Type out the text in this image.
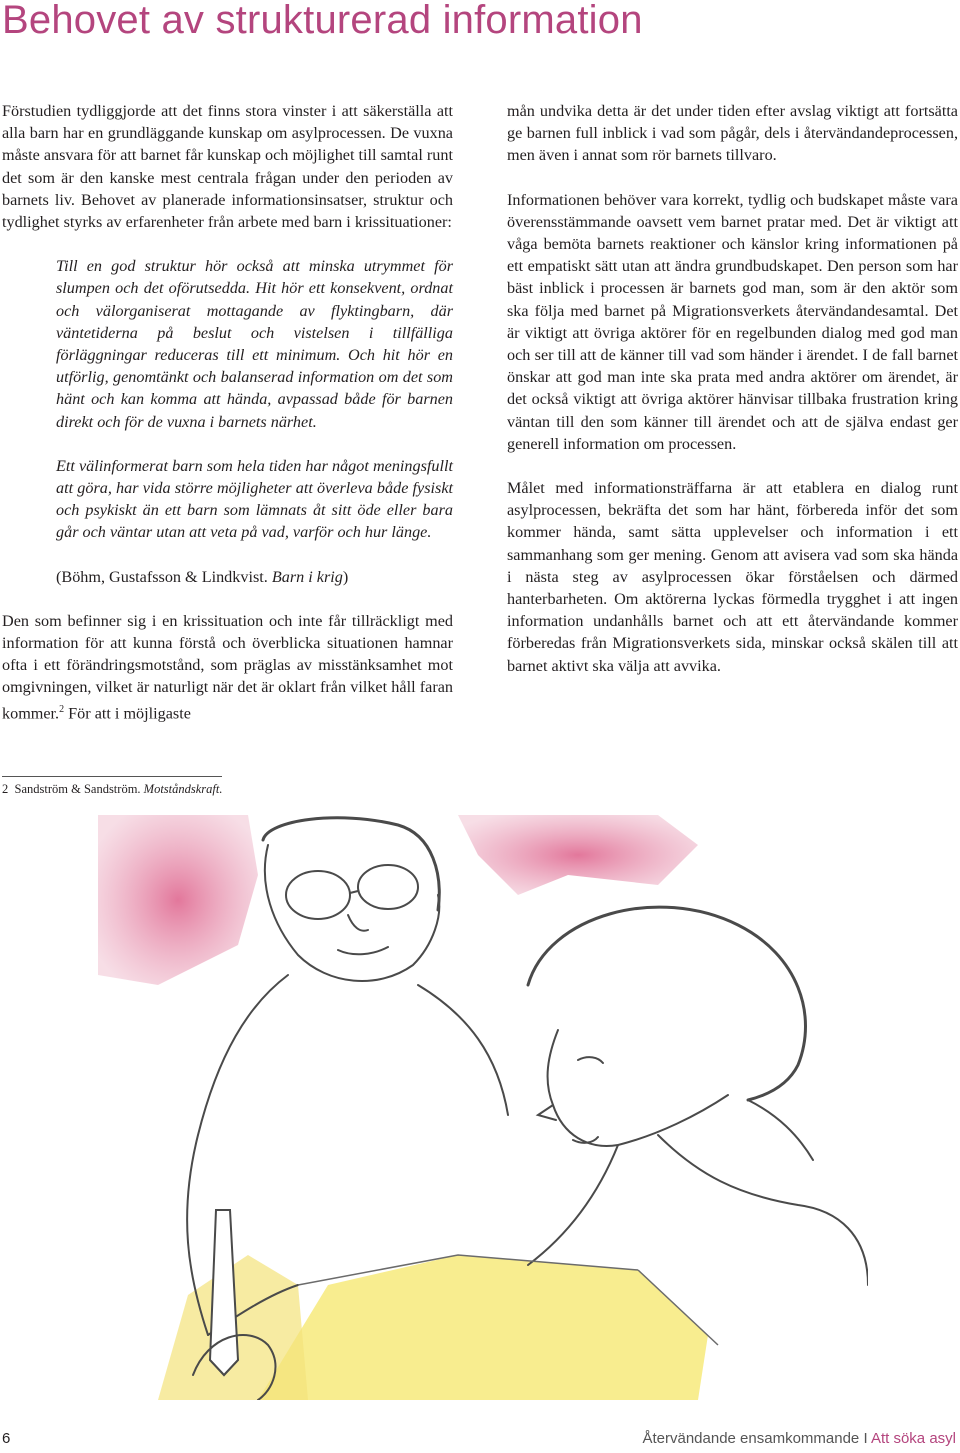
Behovet av strukturerad information

Förstudien tydliggjorde att det finns stora vinster i att säkerställa att alla barn har en grundläggande kunskap om asylprocessen. De vuxna måste ansvara för att barnet får kunskap och möjlighet till samtal runt det som är den kanske mest centrala frågan under den perioden av barnets liv. Behovet av planerade informationsinsatser, struktur och tydlighet styrks av erfarenheter från arbete med barn i krissituationer:

Till en god struktur hör också att minska utrymmet för slumpen och det oförutsedda. Hit hör ett konsekvent, ordnat och välorganiserat mottagande av flyktingbarn, där väntetiderna på beslut och vistelsen i tillfälliga förläggningar reduceras till ett minimum. Och hit hör en utförlig, genomtänkt och balanserad information om det som hänt och kan komma att hända, avpassad både för barnen direkt och för de vuxna i barnets närhet.

Ett välinformerat barn som hela tiden har något meningsfullt att göra, har vida större möjligheter att överleva både fysiskt och psykiskt än ett barn som lämnats åt sitt öde eller bara går och väntar utan att veta på vad, varför och hur länge.

(Böhm, Gustafsson & Lindkvist. Barn i krig)

Den som befinner sig i en krissituation och inte får tillräckligt med information för att kunna förstå och överblicka situationen hamnar ofta i ett förändringsmotstånd, som präglas av misstänksamhet mot omgivningen, vilket är naturligt när det är oklart från vilket håll faran kommer.$^2$ För att i möjligaste

2 Sandström & Sandström. Motståndskraft.

mån undvika detta är det under tiden efter avslag viktigt att fortsätta ge barnen full inblick i vad som pågår, dels i återvändandeprocessen, men även i annat som rör barnets tillvaro.

Informationen behöver vara korrekt, tydlig och budskapet måste vara överensstämmande oavsett vem barnet pratar med. Det är viktigt att våga bemöta barnets reaktioner och känslor kring informationen på ett empatiskt sätt utan att ändra grundbudskapet. Den person som har bäst inblick i processen är barnets god man, som är den aktör som ska följa med barnet på Migrationsverkets återvändandesamtal. Det är viktigt att övriga aktörer för en regelbunden dialog med god man och ser till att de känner till vad som händer i ärendet. I de fall barnet önskar att god man inte ska prata med andra aktörer om ärendet, är det också viktigt att övriga aktörer hänvisar tillbaka frustration kring väntan till den som känner till ärendet och att de själva endast ger generell information om processen.

Målet med informationsträffarna är att etablera en dialog runt asylprocessen, bekräfta det som har hänt, förbereda inför det som kommer hända, samt sätta upplevelser och information i ett sammanhang som ger mening. Genom att avisera vad som ska hända i nästa steg av asylprocessen ökar förståelsen och därmed hanterbarheten. Om aktörerna lyckas förmedla trygghet i att ingen information undanhålls barnet och att ett återvändande kommer förberedas från Migrationsverkets sida, minskar också skälen till att barnet aktivt ska välja att avvika.

6	Återvändande ensamkommande I Att söka asyl
